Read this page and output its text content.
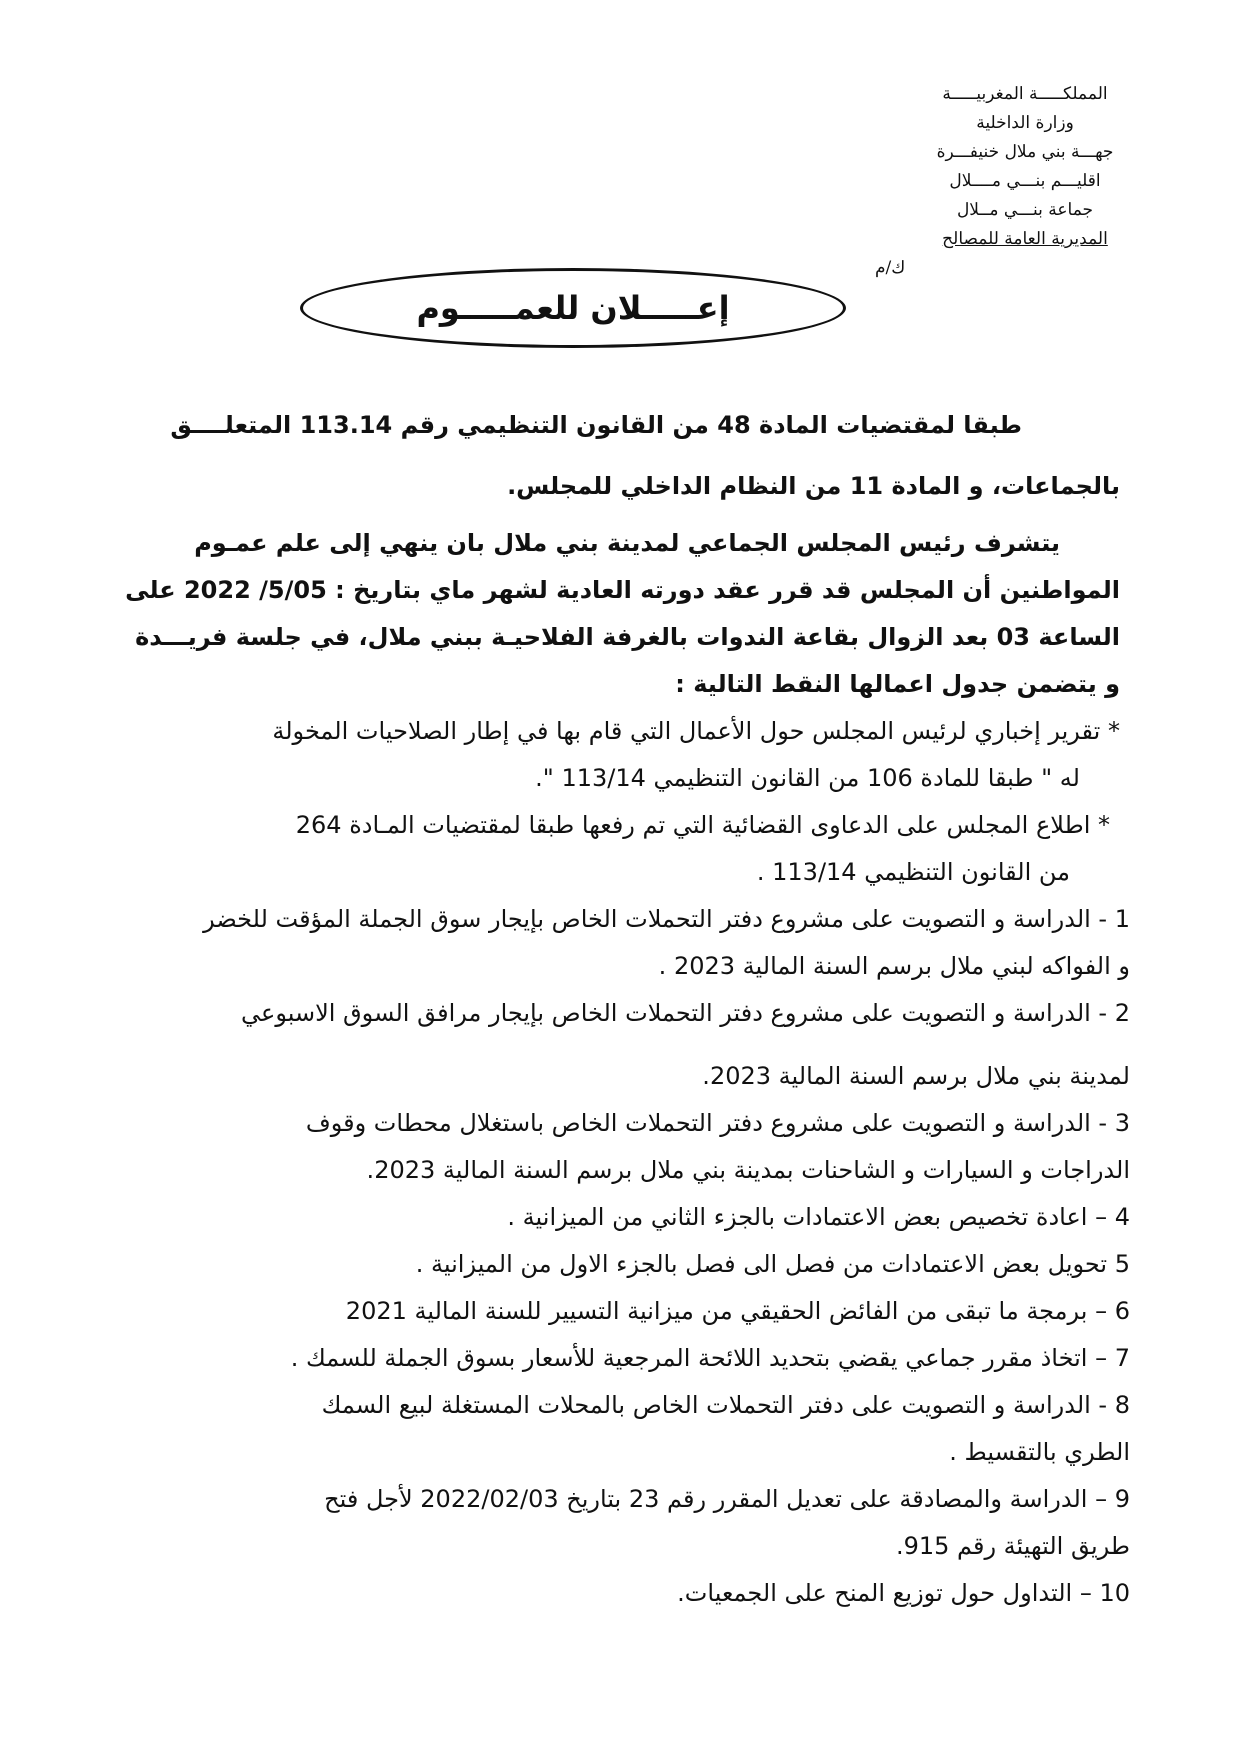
المملكـــــة المغربيـــــة
وزارة الداخلية
جهـــة بني ملال خنيفـــرة
اقليـــم بنـــي مــــلال
جماعة بنـــي مــلال
المديرية العامة للمصالح
ك/م
إعـــــلان للعمـــــوم
طبقا لمقتضيات المادة 48 من القانون التنظيمي رقم 113.14 المتعلــــق
بالجماعات، و المادة 11 من النظام الداخلي للمجلس.
يتشرف رئيس المجلس الجماعي لمدينة بني ملال بان ينهي إلى علم عمـوم
المواطنين أن المجلس قد قرر عقد دورته العادية لشهر ماي بتاريخ : 5/05/ 2022 على
الساعة 03 بعد الزوال بقاعة الندوات بالغرفة الفلاحيـة ببني ملال، في جلسة فريـــدة
و يتضمن جدول اعمالها النقط التالية :
* تقرير إخباري لرئيس المجلس حول الأعمال التي قام بها في إطار الصلاحيات المخولة
له " طبقا للمادة 106 من القانون التنظيمي 113/14 ".
* اطلاع المجلس على الدعاوى القضائية التي تم رفعها طبقا لمقتضيات المـادة 264
من القانون التنظيمي 113/14 .
1 - الدراسة و التصويت على مشروع دفتر التحملات الخاص بإيجار سوق الجملة المؤقت للخضر
و الفواكه لبني ملال برسم السنة المالية 2023 .
2 - الدراسة و التصويت على مشروع دفتر التحملات الخاص بإيجار مرافق السوق الاسبوعي
لمدينة بني ملال برسم السنة المالية 2023.
3 - الدراسة و التصويت على مشروع دفتر التحملات الخاص باستغلال محطات وقوف
الدراجات و السيارات و الشاحنات بمدينة بني ملال برسم السنة المالية 2023.
4 – اعادة تخصيص بعض الاعتمادات بالجزء الثاني من الميزانية .
5 تحويل بعض الاعتمادات من فصل الى فصل بالجزء الاول من الميزانية .
6 – برمجة ما تبقى من الفائض الحقيقي من ميزانية التسيير للسنة المالية 2021
7 – اتخاذ مقرر جماعي يقضي بتحديد اللائحة المرجعية للأسعار بسوق الجملة للسمك .
8 - الدراسة و التصويت على دفتر التحملات الخاص بالمحلات المستغلة لبيع السمك
الطري بالتقسيط .
9 – الدراسة والمصادقة على تعديل المقرر رقم 23 بتاريخ 2022/02/03 لأجل فتح
طريق التهيئة رقم 915.
10 – التداول حول توزيع المنح على الجمعيات.
